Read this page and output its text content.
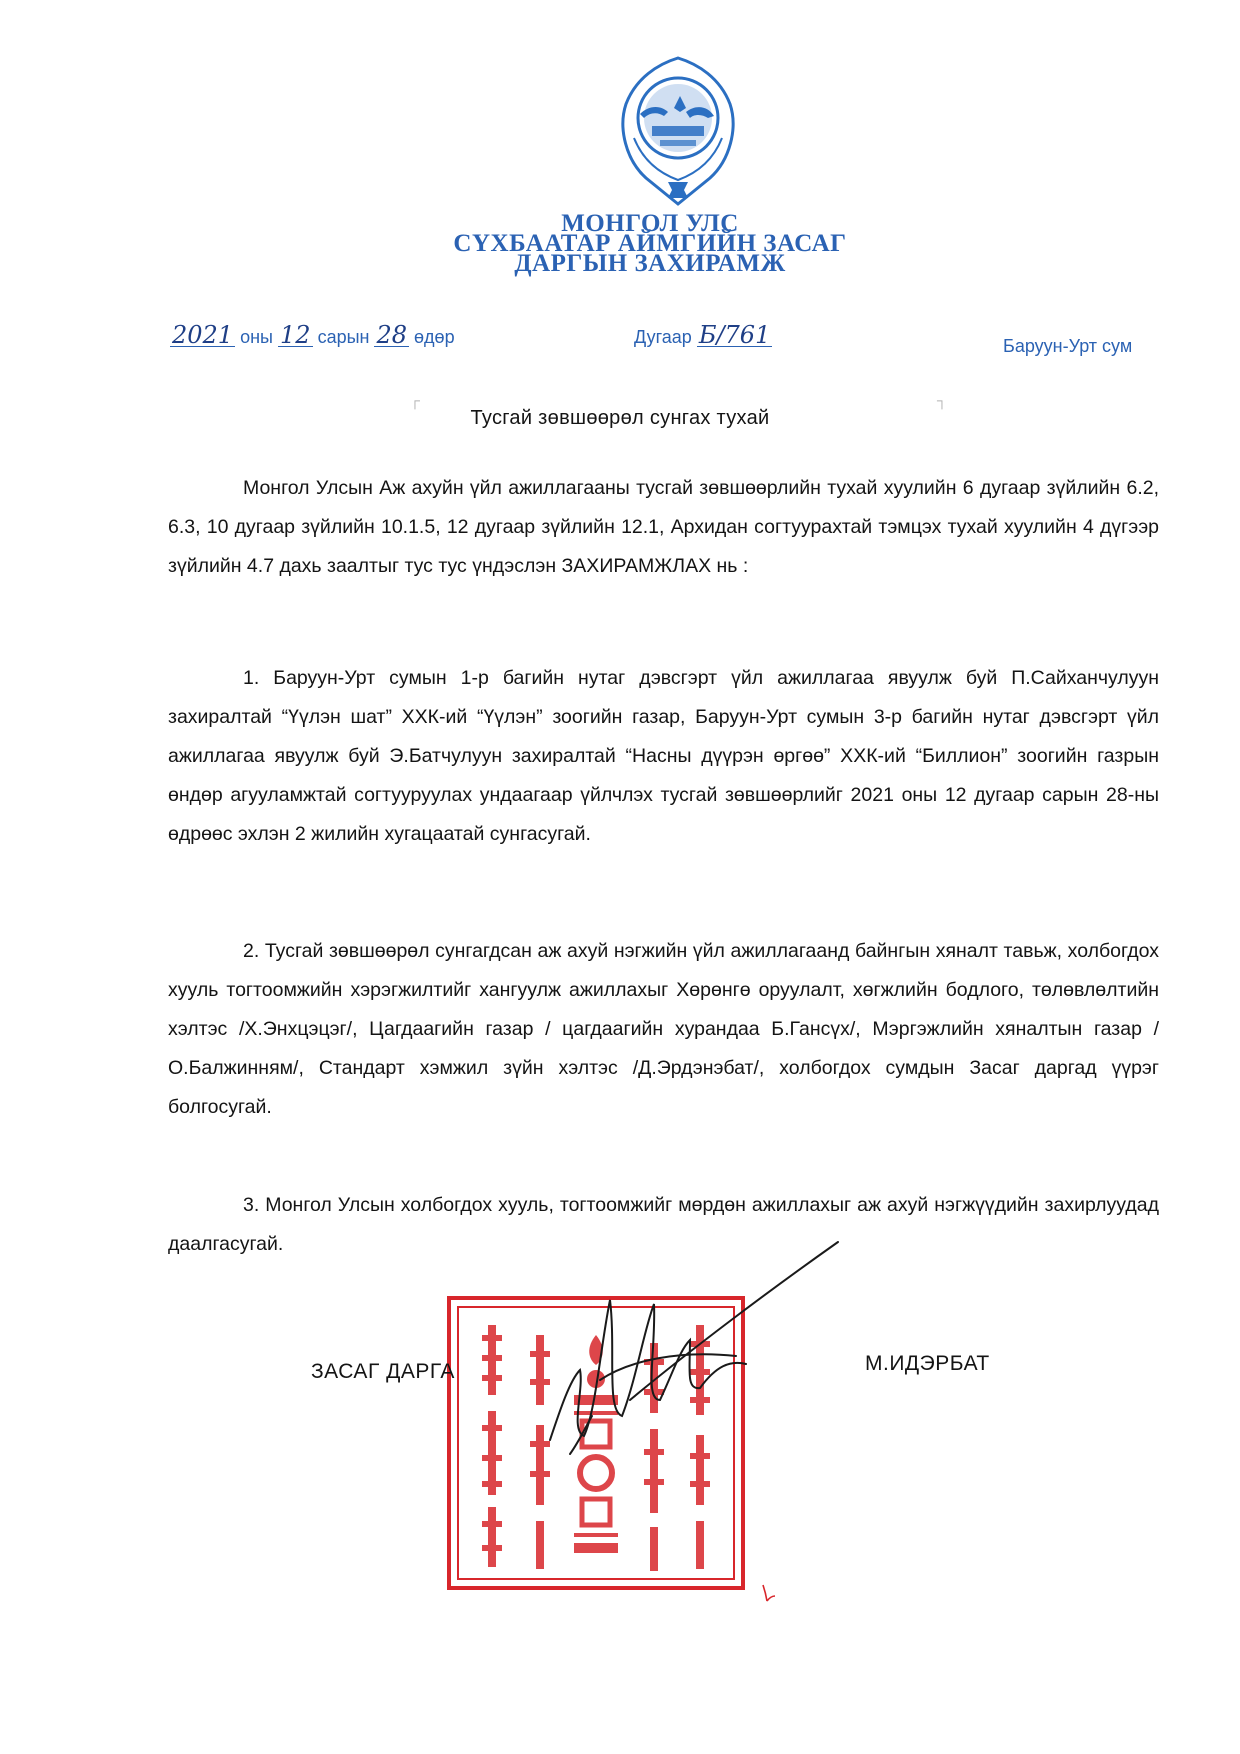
МОНГОЛ УЛС
СҮХБААТАР АЙМГИЙН ЗАСАГ
ДАРГЫН ЗАХИРАМЖ
2021 оны 12 сарын 28 өдөр	Дугаар Б/761	Баруун-Урт сум
┌	┐
Тусгай зөвшөөрөл сунгах тухай

Монгол Улсын Аж ахуйн үйл ажиллагааны тусгай зөвшөөрлийн тухай хуулийн 6 дугаар зүйлийн 6.2, 6.3, 10 дугаар зүйлийн 10.1.5, 12 дугаар зүйлийн 12.1, Архидан согтуурахтай тэмцэх тухай хуулийн 4 дүгээр зүйлийн 4.7 дахь заалтыг тус тус үндэслэн ЗАХИРАМЖЛАХ нь :

1. Баруун-Урт сумын 1-р багийн нутаг дэвсгэрт үйл ажиллагаа явуулж буй П.Сайханчулуун захиралтай “Үүлэн шат” ХХК-ий “Үүлэн” зоогийн газар, Баруун-Урт сумын 3-р багийн нутаг дэвсгэрт үйл ажиллагаа явуулж буй Э.Батчулуун захиралтай “Насны дүүрэн өргөө” ХХК-ий “Биллион” зоогийн газрын өндөр агууламжтай согтууруулах ундаагаар үйлчлэх тусгай зөвшөөрлийг 2021 оны 12 дугаар сарын 28-ны өдрөөс эхлэн 2 жилийн хугацаатай сунгасугай.

2. Тусгай зөвшөөрөл сунгагдсан аж ахуй нэгжийн үйл ажиллагаанд байнгын хяналт тавьж, холбогдох хууль тогтоомжийн хэрэгжилтийг хангуулж ажиллахыг Хөрөнгө оруулалт, хөгжлийн бодлого, төлөвлөлтийн хэлтэс /Х.Энхцэцэг/, Цагдаагийн газар / цагдаагийн хурандаа Б.Гансүх/, Мэргэжлийн хяналтын газар /О.Балжинням/, Стандарт хэмжил зүйн хэлтэс /Д.Эрдэнэбат/, холбогдох сумдын Засаг даргад үүрэг болгосугай.

3. Монгол Улсын холбогдох хууль, тогтоомжийг мөрдөн ажиллахыг аж ахуй нэгжүүдийн захирлуудад даалгасугай.

ЗАСАГ ДАРГА	М.ИДЭРБАТ
